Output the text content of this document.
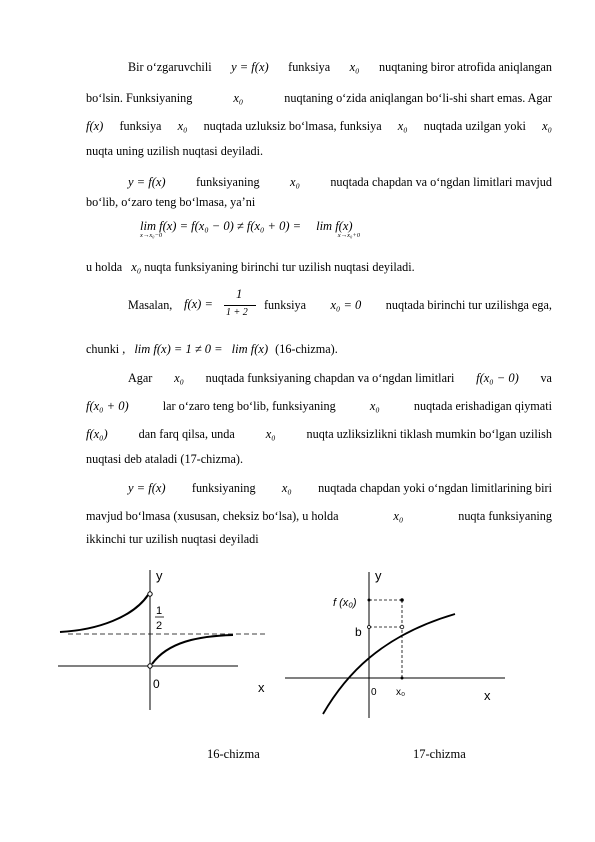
Bir o‘zgaruvchili y = f(x) funksiya x₀ nuqtaning biror atrofida aniqlangan
bo‘lsin. Funksiyaning	x₀	nuqtaning o‘zida aniqlangan bo‘li-shi shart emas. Agar
f(x) funksiya x₀ nuqtada uzluksiz bo‘lmasa, funksiya x₀ nuqtada uzilgan yoki x₀
nuqta uning uzilish nuqtasi deyiladi.
y = f(x) funksiyaning x₀ nuqtada chapdan va o‘ngdan limitlari mavjud
bo‘lib, o‘zaro teng bo‘lmasa, ya’ni
lim f(x) = f(x₀ − 0) ≠ f(x₀ + 0) = lim f(x)
x→x₀−0	x→x₀+0
u holda x₀ nuqta funksiyaning birinchi tur uzilish nuqtasi deyiladi.
Masalan, f(x) =
1
1 + 2
funksiya x₀ = 0 nuqtada birinchi tur uzilishga ega,
chunki , lim f(x) = 1 ≠ 0 = lim f(x) (16-chizma).
Agar x₀ nuqtada funksiyaning chapdan va o‘ngdan limitlari f(x₀ − 0) va
f(x₀ + 0)	lar o‘zaro teng bo‘lib, funksiyaning	x₀	nuqtada erishadigan qiymati
f(x₀)	dan farq qilsa, unda x₀	nuqta uzliksizlikni tiklash mumkin bo‘lgan uzilish
nuqtasi deb ataladi (17-chizma).
y = f(x) funksiyaning x₀ nuqtada chapdan yoki o‘ngdan limitlarining biri
mavjud bo‘lmasa (xususan, cheksiz bo‘lsa), u holda	x₀	nuqta funksiyaning
ikkinchi tur uzilish nuqtasi deyiladi
y
x
1
2
0
y
x
f (x₀)
b
0 x₀
16-chizma	17-chizma
